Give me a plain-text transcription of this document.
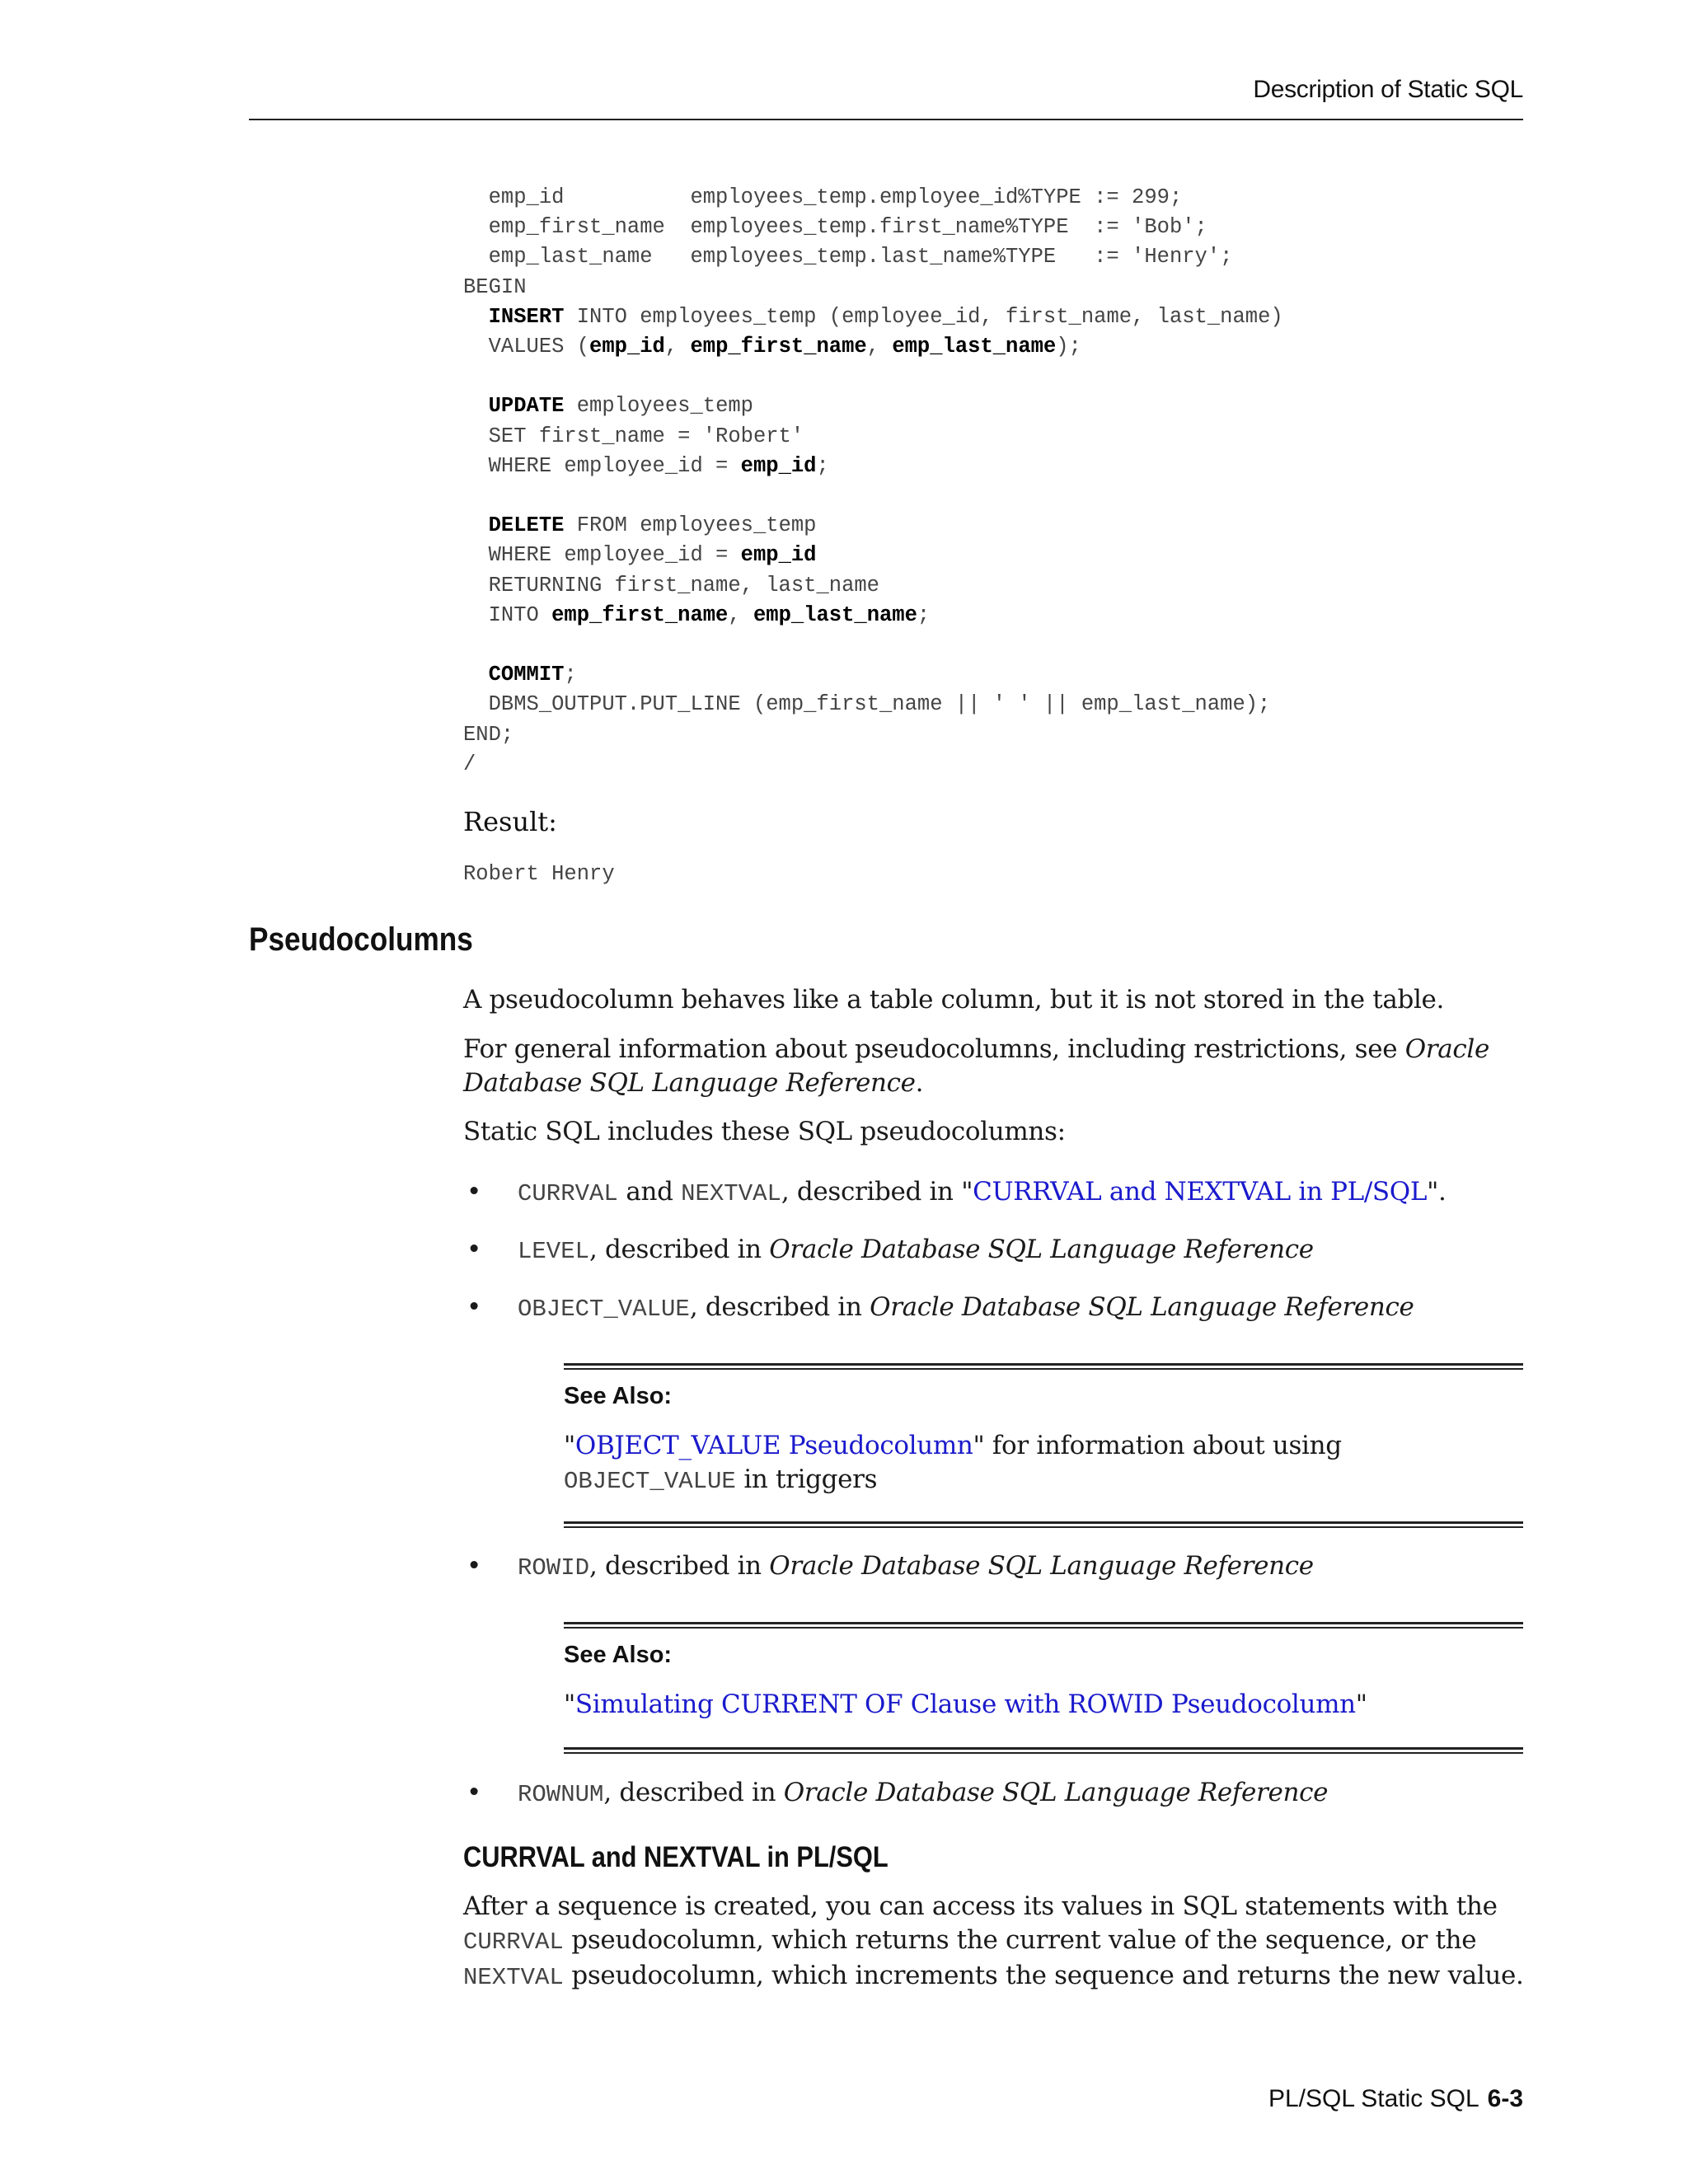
Description of Static SQL
emp_id          employees_temp.employee_id%TYPE := 299;
emp_first_name  employees_temp.first_name%TYPE  := 'Bob';
emp_last_name   employees_temp.last_name%TYPE   := 'Henry';
BEGIN
INSERT INTO employees_temp (employee_id, first_name, last_name)
VALUES (emp_id, emp_first_name, emp_last_name);

UPDATE employees_temp
SET first_name = 'Robert'
WHERE employee_id = emp_id;

DELETE FROM employees_temp
WHERE employee_id = emp_id
RETURNING first_name, last_name
INTO emp_first_name, emp_last_name;

COMMIT;
DBMS_OUTPUT.PUT_LINE (emp_first_name || ' ' || emp_last_name);
END;
/
Result:
Robert Henry
Pseudocolumns
A pseudocolumn behaves like a table column, but it is not stored in the table.
For general information about pseudocolumns, including restrictions, see Oracle
Database SQL Language Reference.
Static SQL includes these SQL pseudocolumns:
• CURRVAL and NEXTVAL, described in "CURRVAL and NEXTVAL in PL/SQL".
• LEVEL, described in Oracle Database SQL Language Reference
• OBJECT_VALUE, described in Oracle Database SQL Language Reference
See Also:
"OBJECT_VALUE Pseudocolumn" for information about using
OBJECT_VALUE in triggers
• ROWID, described in Oracle Database SQL Language Reference
See Also:
"Simulating CURRENT OF Clause with ROWID Pseudocolumn"
• ROWNUM, described in Oracle Database SQL Language Reference
CURRVAL and NEXTVAL in PL/SQL
After a sequence is created, you can access its values in SQL statements with the
CURRVAL pseudocolumn, which returns the current value of the sequence, or the
NEXTVAL pseudocolumn, which increments the sequence and returns the new value.
PL/SQL Static SQL 6-3
